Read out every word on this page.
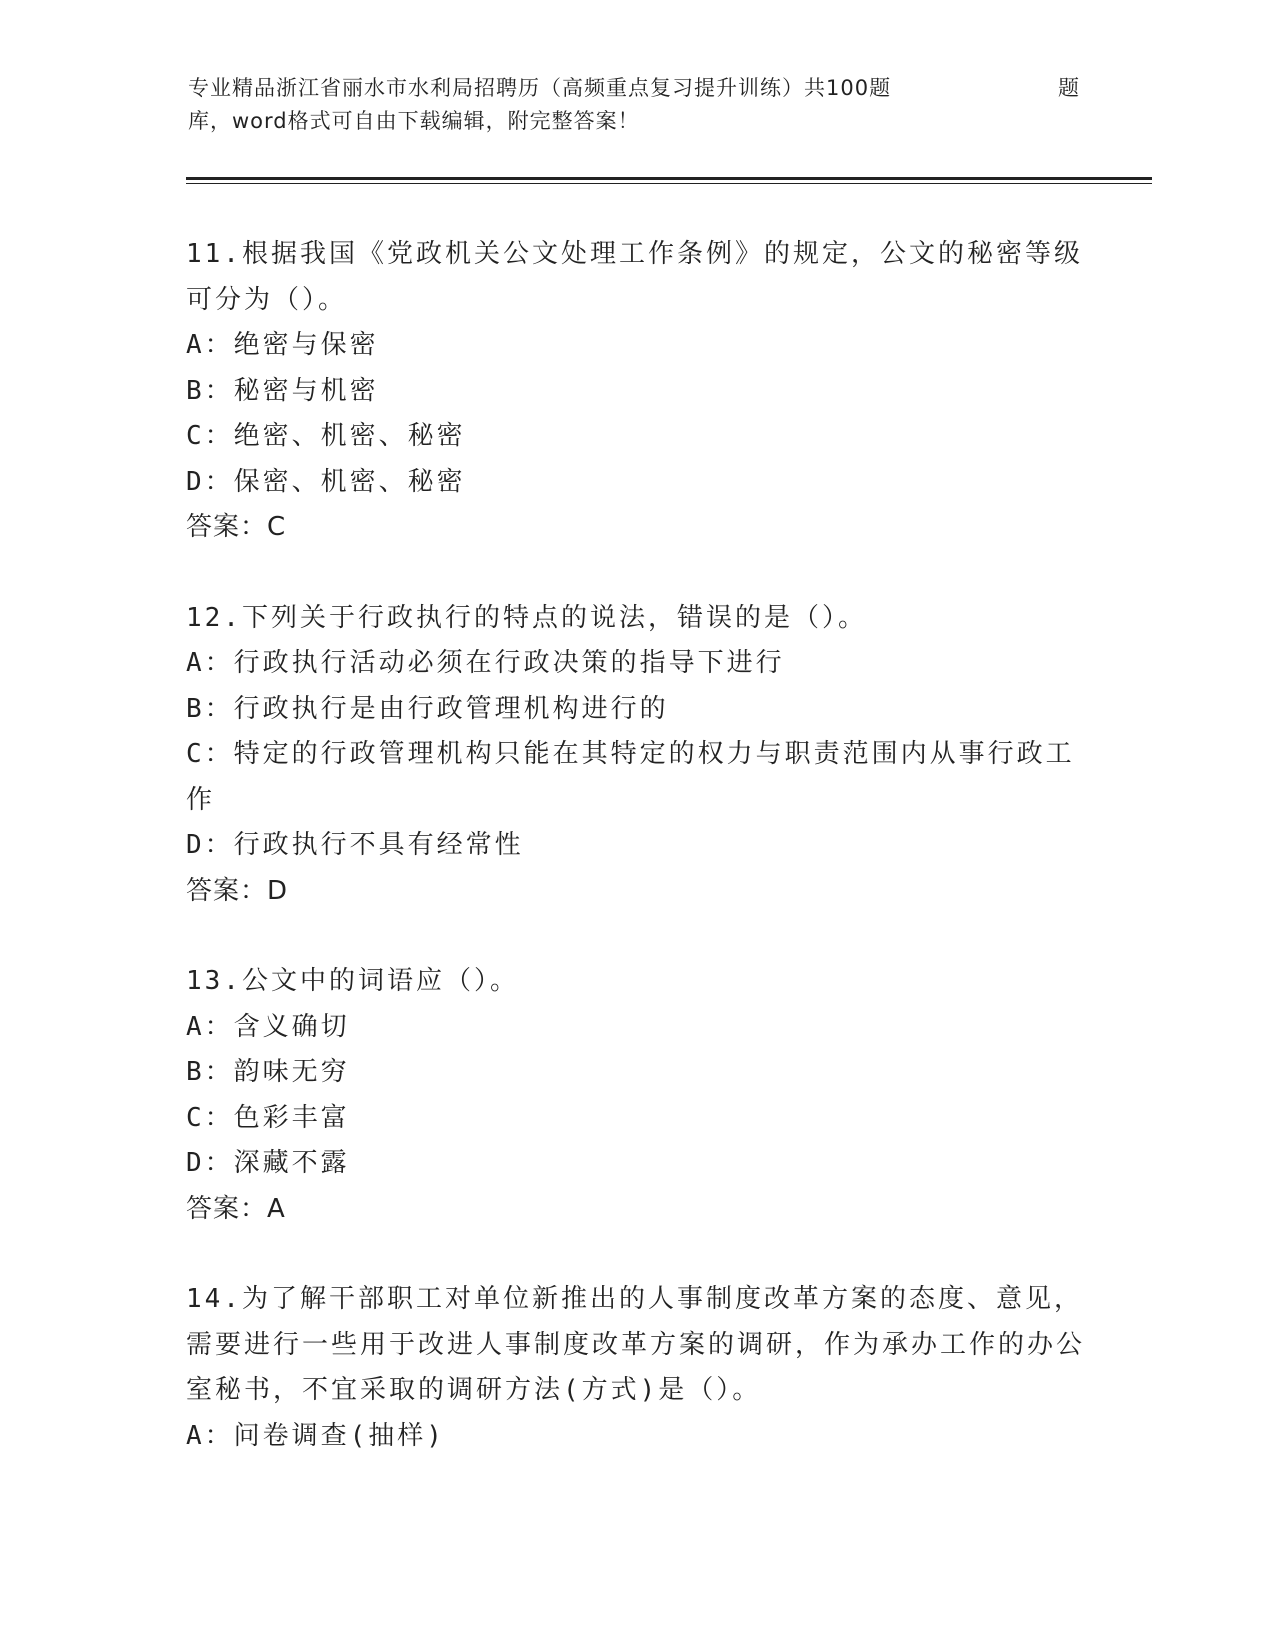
专业精品浙江省丽水市水利局招聘历（高频重点复习提升训练）共100题	题
库，word格式可自由下载编辑，附完整答案！

11.根据我国《党政机关公文处理工作条例》的规定，公文的秘密等级可分为（）。

A：绝密与保密

B：秘密与机密

C：绝密、机密、秘密

D：保密、机密、秘密

答案：C

12.下列关于行政执行的特点的说法，错误的是（）。

A：行政执行活动必须在行政决策的指导下进行

B：行政执行是由行政管理机构进行的

C：特定的行政管理机构只能在其特定的权力与职责范围内从事行政工作

D：行政执行不具有经常性

答案：D

13.公文中的词语应（）。

A：含义确切

B：韵味无穷

C：色彩丰富

D：深藏不露

答案：A

14.为了解干部职工对单位新推出的人事制度改革方案的态度、意见，需要进行一些用于改进人事制度改革方案的调研，作为承办工作的办公室秘书，不宜采取的调研方法(方式)是（）。

A：问卷调查(抽样)
